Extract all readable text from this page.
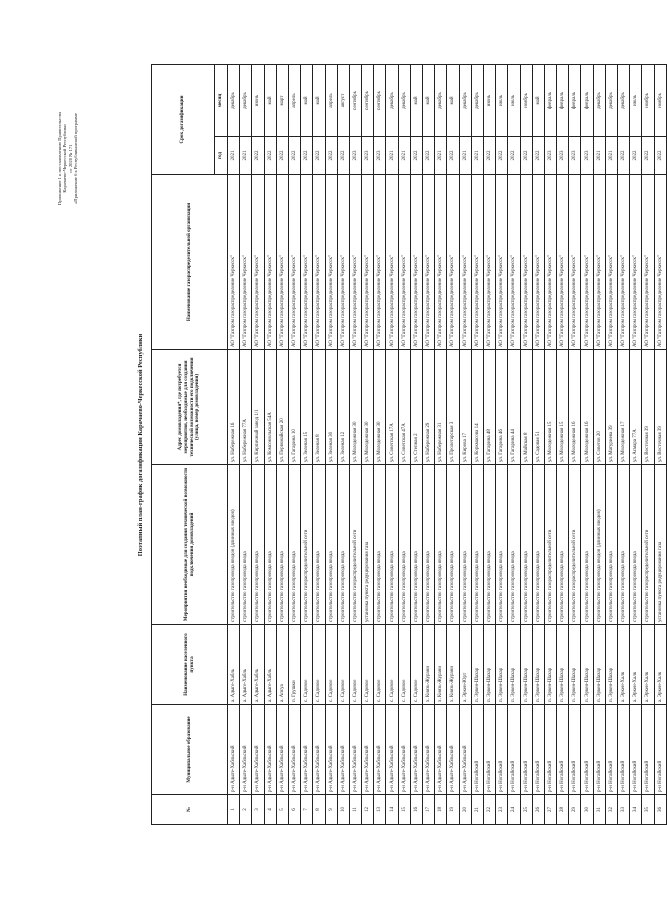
Приложение 1 к постановлению Правительства Карачаево-Черкесской Республики от 2020 № 171 «Приложение 6 к Республиканской программе
Поэтапный план-график догазификации Карачаево-Черкесской Республики
№	Муниципальное образование	Наименование населенного пункта	Мероприятия необходимые для создания технической возможности подключения домовладений	Адрес домовладения*, где потребуется мероприятия, необходимые для создания технической возможности его подключения (улица, номер домовладения)	Наименование газораспределительной организации	Срок догазификации	
						год	месяц
1	р-н Адыге-Хабльский	а. Адыге-Хабль	строительство газопровода вводов (длинных вводов)	ул. Набережная 16	АО "Газпром газораспределение Черкесск"	2021	декабрь
2	р-н Адыге-Хабльский	а. Адыге-Хабль	строительство газопровода ввода	ул. Набережная 77А	АО "Газпром газораспределение Черкесск"	2021	декабрь
3	р-н Адыге-Хабльский	а. Адыге-Хабль	строительство газопровода ввода	ул. Кирпичный завод 1/1	АО "Газпром газораспределение Черкесск"	2022	июнь
4	р-н Адыге-Хабльский	а. Адыге-Хабль	строительство газопровода ввода	ул. Комсомольская 54А	АО "Газпром газораспределение Черкесск"	2022	май
5	р-н Адыге-Хабльский	а. Апсуа	строительство газопровода ввода	ул. Первомайская 20	АО "Газпром газораспределение Черкесск"	2022	март
6	р-н Адыге-Хабльский	п. Грушки	строительство газопровода ввода	ул. Гагарина 10	АО "Газпром газораспределение Черкесск"	2022	апрель
7	р-н Адыге-Хабльский	с. Садовое	строительство газораспределительной сети	ул. Зеленая 15	АО "Газпром газораспределение Черкесск"	2022	май
8	р-н Адыге-Хабльский	с. Садовое	строительство газопровода ввода	ул. Зеленая 8	АО "Газпром газораспределение Черкесск"	2022	май
9	р-н Адыге-Хабльский	с. Садовое	строительство газопровода ввода	ул. Зеленая 30	АО "Газпром газораспределение Черкесск"	2022	апрель
10	р-н Адыге-Хабльский	с. Садовое	строительство газопровода ввода	ул. Зеленая 12	АО "Газпром газораспределение Черкесск"	2022	август
11	р-н Адыге-Хабльский	с. Садовое	строительство газораспределительной сети	ул. Молодежная 30	АО "Газпром газораспределение Черкесск"	2023	сентябрь
12	р-н Адыге-Хабльский	с. Садовое	установка пункта редуцирования газа	ул. Молодежная 30	АО "Газпром газораспределение Черкесск"	2023	сентябрь
13	р-н Адыге-Хабльский	с. Садовое	строительство газопровода ввода	ул. Молодежная 30	АО "Газпром газораспределение Черкесск"	2023	сентябрь
14	р-н Адыге-Хабльский	с. Садовое	строительство газопровода ввода	ул. Советская 17А	АО "Газпром газораспределение Черкесск"	2021	декабрь
15	р-н Адыге-Хабльский	с. Садовое	строительство газопровода ввода	ул. Советская 47А	АО "Газпром газораспределение Черкесск"	2021	декабрь
16	р-н Адыге-Хабльский	с. Садовое	строительство газопровода ввода	ул. Степная 2	АО "Газпром газораспределение Черкесск"	2022	май
17	р-н Адыге-Хабльский	х. Князь-Журани	строительство газопровода ввода	ул. Набережная 29	АО "Газпром газораспределение Черкесск"	2022	май
18	р-н Адыге-Хабльский	х. Князь-Журани	строительство газопровода ввода	ул. Набережная 31	АО "Газпром газораспределение Черкесск"	2021	декабрь
19	р-н Адыге-Хабльский	х. Князь-Журани	строительство газопровода ввода	ул. Пролетарская 3	АО "Газпром газораспределение Черкесск"	2022	май
20	р-н Адыге-Хабльский	а. Эркен-Юрт	строительство газопровода ввода	ул. Кирова 17	АО "Газпром газораспределение Черкесск"	2021	декабрь
21	р-н Ногайский	п. Эркен-Шахар	строительство газопровода ввода	ул. Коркмасова 14	АО "Газпром газораспределение Черкесск"	2021	декабрь
22	р-н Ногайский	п. Эркен-Шахар	строительство газопровода ввода	ул. Гагарина 48	АО "Газпром газораспределение Черкесск"	2022	июнь
23	р-н Ногайский	п. Эркен-Шахар	строительство газопровода ввода	ул. Гагарина 46	АО "Газпром газораспределение Черкесск"	2022	июль
24	р-н Ногайский	п. Эркен-Шахар	строительство газопровода ввода	ул. Гагарина 44	АО "Газпром газораспределение Черкесск"	2022	июль
25	р-н Ногайский	п. Эркен-Шахар	строительство газопровода ввода	ул. Майская 8	АО "Газпром газораспределение Черкесск"	2022	ноябрь
26	р-н Ногайский	п. Эркен-Шахар	строительство газопровода ввода	ул. Садовая 51	АО "Газпром газораспределение Черкесск"	2022	май
27	р-н Ногайский	п. Эркен-Шахар	строительство газораспределительной сети	ул. Молодежная 15	АО "Газпром газораспределение Черкесск"	2023	февраль
28	р-н Ногайский	п. Эркен-Шахар	строительство газопровода ввода	ул. Молодежная 15	АО "Газпром газораспределение Черкесск"	2023	февраль
29	р-н Ногайский	п. Эркен-Шахар	строительство газораспределительной сети	ул. Молодежная 16	АО "Газпром газораспределение Черкесск"	2023	февраль
30	р-н Ногайский	п. Эркен-Шахар	строительство газопровода ввода	ул. Молодежная 16	АО "Газпром газораспределение Черкесск"	2023	февраль
31	р-н Ногайский	п. Эркен-Шахар	строительство газопровода вводов (длинных вводов)	ул. Советов 20	АО "Газпром газораспределение Черкесск"	2021	декабрь
32	р-н Ногайский	п. Эркен-Шахар	строительство газопровода ввода	ул. Матуриева 39	АО "Газпром газораспределение Черкесск"	2021	декабрь
33	р-н Ногайский	а. Эркен-Халк	строительство газопровода ввода	ул. Молодежная 17	АО "Газпром газораспределение Черкесск"	2022	декабрь
34	р-н Ногайский	а. Эркен-Халк	строительство газопровода ввода	ул. Асмара 77А	АО "Газпром газораспределение Черкесск"	2022	июль
35	р-н Ногайский	а. Эркен-Халк	строительство газораспределительной сети	ул. Восточная 39	АО "Газпром газораспределение Черкесск"	2022	ноябрь
36	р-н Ногайский	а. Эркен-Халк	установка пункта редуцирования газа	ул. Восточная 39	АО "Газпром газораспределение Черкесск"	2022	ноябрь
